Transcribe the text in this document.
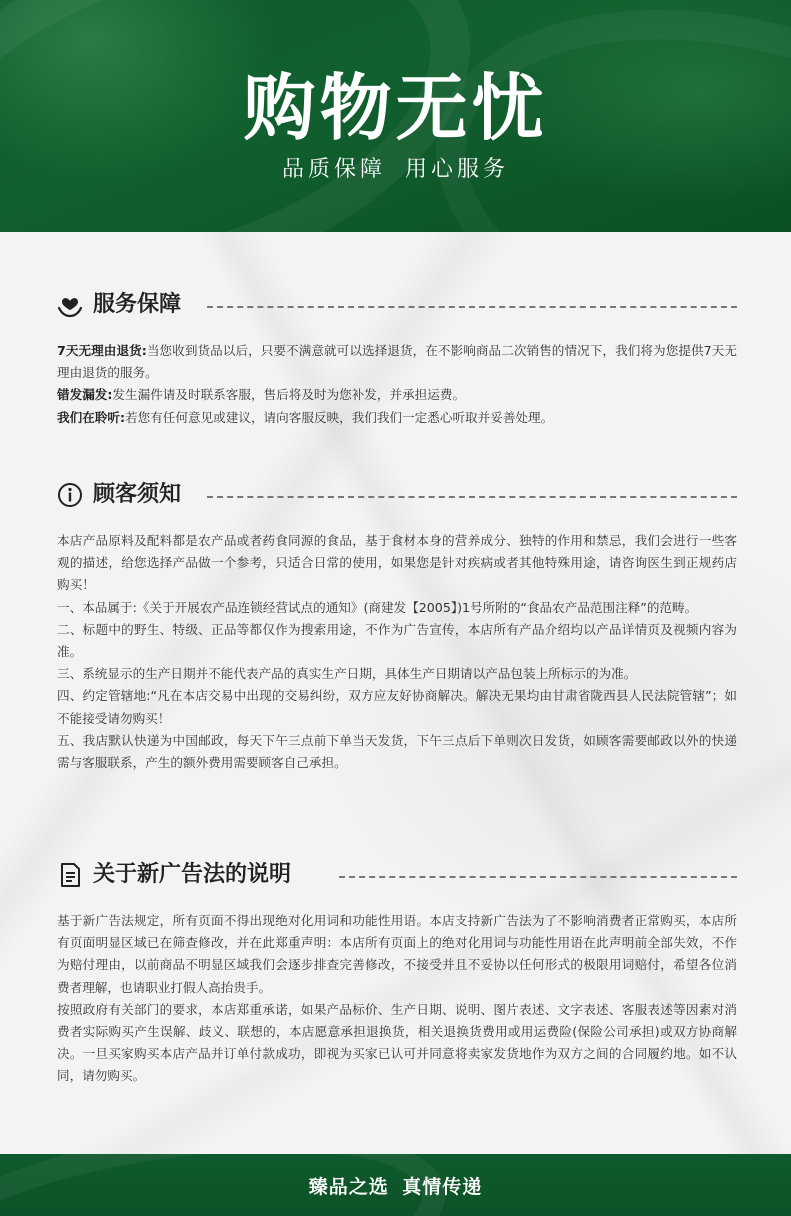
购物无忧
品质保障 用心服务
服务保障

7天无理由退货:当您收到货品以后，只要不满意就可以选择退货，在不影响商品二次销售的情况下，我们将为您提供7天无理由退货的服务。

错发漏发:发生漏件请及时联系客服，售后将及时为您补发，并承担运费。

我们在聆听:若您有任何意见或建议，请向客服反映，我们我们一定悉心听取并妥善处理。

顾客须知

本店产品原料及配料都是农产品或者药食同源的食品，基于食材本身的营养成分、独特的作用和禁忌，我们会进行一些客观的描述，给您选择产品做一个参考，只适合日常的使用，如果您是针对疾病或者其他特殊用途，请咨询医生到正规药店购买！

一、本品属于:《关于开展农产品连锁经营试点的通知》(商建发【2005】)1号所附的“食品农产品范围注释”的范畴。

二、标题中的野生、特级、正品等都仅作为搜索用途，不作为广告宣传，本店所有产品介绍均以产品详情页及视频内容为准。

三、系统显示的生产日期并不能代表产品的真实生产日期，具体生产日期请以产品包装上所标示的为准。

四、约定管辖地:“凡在本店交易中出现的交易纠纷，双方应友好协商解决。解决无果均由甘肃省陇西县人民法院管辖”；如不能接受请勿购买！

五、我店默认快递为中国邮政，每天下午三点前下单当天发货，下午三点后下单则次日发货，如顾客需要邮政以外的快递需与客服联系，产生的额外费用需要顾客自己承担。

关于新广告法的说明

基于新广告法规定，所有页面不得出现绝对化用词和功能性用语。本店支持新广告法为了不影响消费者正常购买，本店所有页面明显区域已在筛查修改，并在此郑重声明：本店所有页面上的绝对化用词与功能性用语在此声明前全部失效，不作为赔付理由，以前商品不明显区域我们会逐步排查完善修改，不接受并且不妥协以任何形式的极限用词赔付，希望各位消费者理解，也请职业打假人高抬贵手。

按照政府有关部门的要求，本店郑重承诺，如果产品标价、生产日期、说明、图片表述、文字表述、客服表述等因素对消费者实际购买产生误解、歧义、联想的，本店愿意承担退换货，相关退换货费用或用运费险(保险公司承担)或双方协商解决。一旦买家购买本店产品并订单付款成功，即视为买家已认可并同意将卖家发货地作为双方之间的合同履约地。如不认同，请勿购买。

臻品之选 真情传递
